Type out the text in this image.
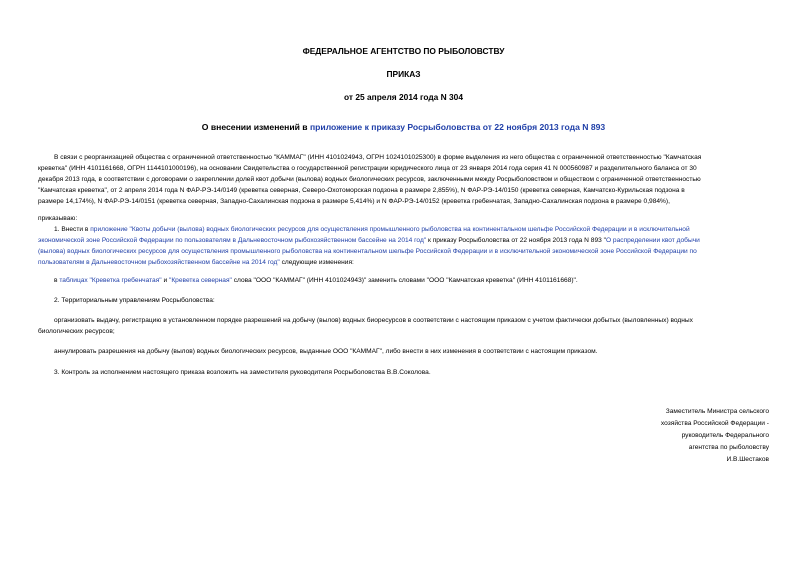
ФЕДЕРАЛЬНОЕ АГЕНТСТВО ПО РЫБОЛОВСТВУ
ПРИКАЗ
от 25 апреля 2014 года N 304
О внесении изменений в приложение к приказу Росрыболовства от 22 ноября 2013 года N 893
В связи с реорганизацией общества с ограниченной ответственностью "КАММАГ" (ИНН 4101024943, ОГРН 1024101025300) в форме выделения из него общества с ограниченной ответственностью "Камчатская
креветка" (ИНН 4101161668, ОГРН 1144101000196), на основании Свидетельства о государственной регистрации юридического лица от 23 января 2014 года серия 41 N 000560987 и разделительного баланса от 30
декабря 2013 года, в соответствии с договорами о закреплении долей квот добычи (вылова) водных биологических ресурсов, заключенными между Росрыболовством и обществом с ограниченной ответственностью
"Камчатская креветка", от 2 апреля 2014 года N ФАР-РЭ-14/0149 (креветка северная, Северо-Охотоморская подзона в размере 2,855%), N ФАР-РЭ-14/0150 (креветка северная, Камчатско-Курильская подзона в
размере 14,174%), N ФАР-РЭ-14/0151 (креветка северная, Западно-Сахалинская подзона в размере 5,414%) и N ФАР-РЭ-14/0152 (креветка гребенчатая, Западно-Сахалинская подзона в размере 0,984%),
приказываю:
1. Внести в приложение "Квоты добычи (вылова) водных биологических ресурсов для осуществления промышленного рыболовства на континентальном шельфе Российской Федерации и в исключительной
экономической зоне Российской Федерации по пользователям в Дальневосточном рыбохозяйственном бассейне на 2014 год" к приказу Росрыболовства от 22 ноября 2013 года N 893 "О распределении квот добычи
(вылова) водных биологических ресурсов для осуществления промышленного рыболовства на континентальном шельфе Российской Федерации и в исключительной экономической зоне Российской Федерации по
пользователям в Дальневосточном рыбохозяйственном бассейне на 2014 год" следующие изменения:
в таблицах "Креветка гребенчатая" и "Креветка северная" слова "ООО "КАММАГ" (ИНН 4101024943)" заменить словами "ООО "Камчатская креветка" (ИНН 4101161668)".
2. Территориальным управлениям Росрыболовства:
организовать выдачу, регистрацию в установленном порядке разрешений на добычу (вылов) водных биоресурсов в соответствии с настоящим приказом с учетом фактически добытых (выловленных) водных
биологических ресурсов;
аннулировать разрешения на добычу (вылов) водных биологических ресурсов, выданные ООО "КАММАГ", либо внести в них изменения в соответствии с настоящим приказом.
3. Контроль за исполнением настоящего приказа возложить на заместителя руководителя Росрыболовства В.В.Соколова.
Заместитель Министра сельского
хозяйства Российской Федерации -
руководитель Федерального
агентства по рыболовству
И.В.Шестаков
